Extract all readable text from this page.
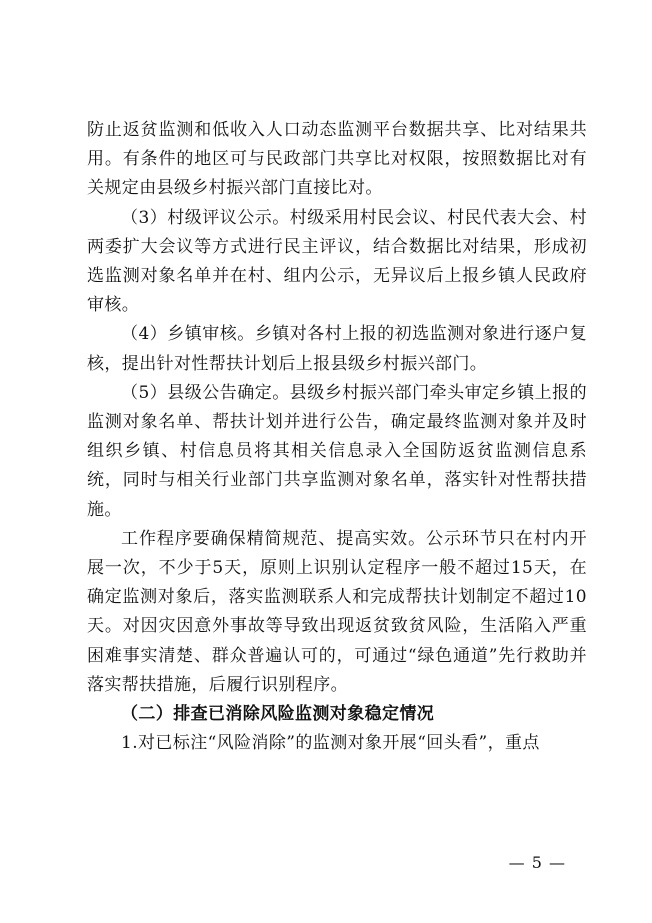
防止返贫监测和低收入人口动态监测平台数据共享、比对结果共用。有条件的地区可与民政部门共享比对权限，按照数据比对有关规定由县级乡村振兴部门直接比对。

（3）村级评议公示。村级采用村民会议、村民代表大会、村两委扩大会议等方式进行民主评议，结合数据比对结果，形成初选监测对象名单并在村、组内公示，无异议后上报乡镇人民政府审核。

（4）乡镇审核。乡镇对各村上报的初选监测对象进行逐户复核，提出针对性帮扶计划后上报县级乡村振兴部门。

（5）县级公告确定。县级乡村振兴部门牵头审定乡镇上报的监测对象名单、帮扶计划并进行公告，确定最终监测对象并及时组织乡镇、村信息员将其相关信息录入全国防返贫监测信息系统，同时与相关行业部门共享监测对象名单，落实针对性帮扶措施。

工作程序要确保精简规范、提高实效。公示环节只在村内开展一次，不少于5天，原则上识别认定程序一般不超过15天，在确定监测对象后，落实监测联系人和完成帮扶计划制定不超过10天。对因灾因意外事故等导致出现返贫致贫风险，生活陷入严重困难事实清楚、群众普遍认可的，可通过“绿色通道”先行救助并落实帮扶措施，后履行识别程序。

（二）排查已消除风险监测对象稳定情况

1.对已标注“风险消除”的监测对象开展“回头看”，重点

— 5 —
